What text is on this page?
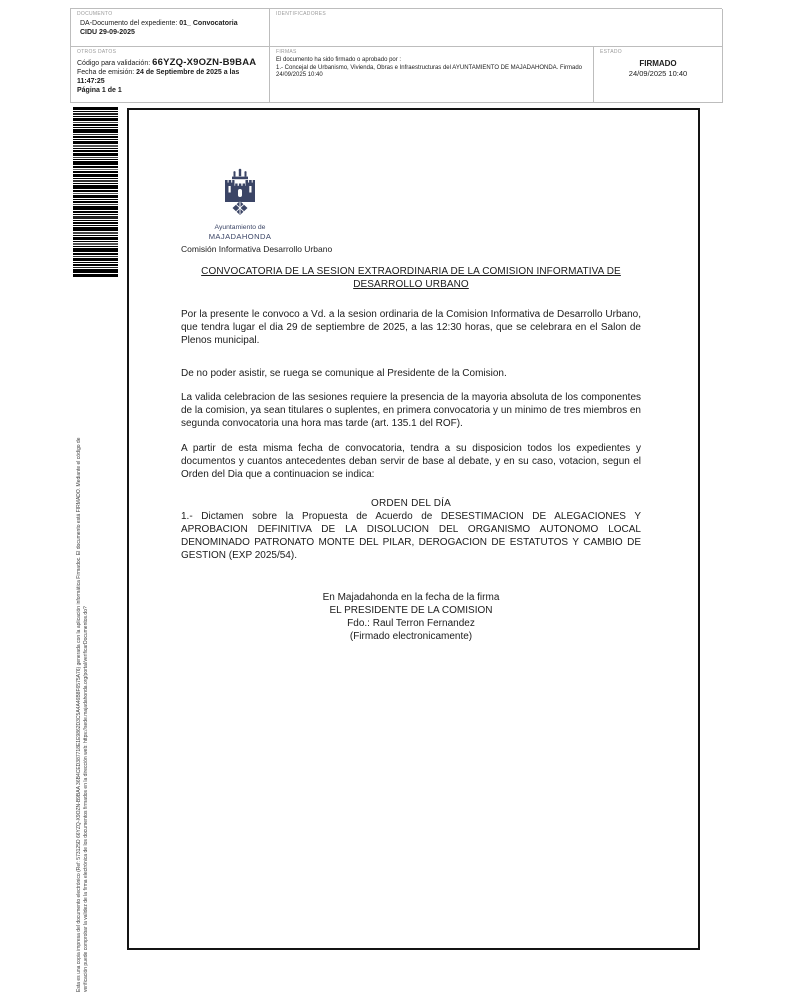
DOCUMENTO
DA-Documento del expediente: 01_ Convocatoria
CIDU 29-09-2025
IDENTIFICADORES
OTROS DATOS
Código para validación: 66YZQ-X9OZN-B9BAA
Fecha de emisión: 24 de Septiembre de 2025 a las 11:47:25
Página 1 de 1
FIRMAS
El documento ha sido firmado o aprobado por :
1.- Concejal de Urbanismo, Vivienda, Obras e Infraestructuras del AYUNTAMIENTO DE MAJADAHONDA. Firmado 24/09/2025 10:40
ESTADO
FIRMADO
24/09/2025 10:40
Esta es una copia impresa del documento electrónico (Ref: 573125D 66YZQ-X9OZN-B9BAA 36B4CED387718E1E9862D3C5A4A46B8F6575A76) generada con la aplicación informática Firmadoc. El documento está FIRMADO. Mediante el código de verificación puede comprobar la validez de la firma electrónica de los documentos firmados en la dirección web: https://sede.majadahonda.org/portal/verificarDocumentos.do?
Ayuntamiento de
MAJADAHONDA
Comisión Informativa Desarrollo Urbano

CONVOCATORIA DE LA SESION EXTRAORDINARIA DE LA COMISION INFORMATIVA DE DESARROLLO URBANO

Por la presente le convoco a Vd. a la sesion ordinaria de la Comision Informativa de Desarrollo Urbano, que tendra lugar el dia 29 de septiembre de 2025, a las 12:30 horas, que se celebrara en el Salon de Plenos municipal.

De no poder asistir, se ruega se comunique al Presidente de la Comision.

La valida celebracion de las sesiones requiere la presencia de la mayoria absoluta de los componentes de la comision, ya sean titulares o suplentes, en primera convocatoria y un minimo de tres miembros en segunda convocatoria una hora mas tarde (art. 135.1 del ROF).

A partir de esta misma fecha de convocatoria, tendra a su disposicion todos los expedientes y documentos y cuantos antecedentes deban servir de base al debate, y en su caso, votacion, segun el Orden del Dia que a continuacion se indica:

ORDEN DEL DÍA

1.- Dictamen sobre la Propuesta de Acuerdo de DESESTIMACION DE ALEGACIONES Y APROBACION DEFINITIVA DE LA DISOLUCION DEL ORGANISMO AUTONOMO LOCAL DENOMINADO PATRONATO MONTE DEL PILAR, DEROGACION DE ESTATUTOS Y CAMBIO DE GESTION (EXP 2025/54).

En Majadahonda en la fecha de la firma

EL PRESIDENTE DE LA COMISION

Fdo.: Raul Terron Fernandez

(Firmado electronicamente)
